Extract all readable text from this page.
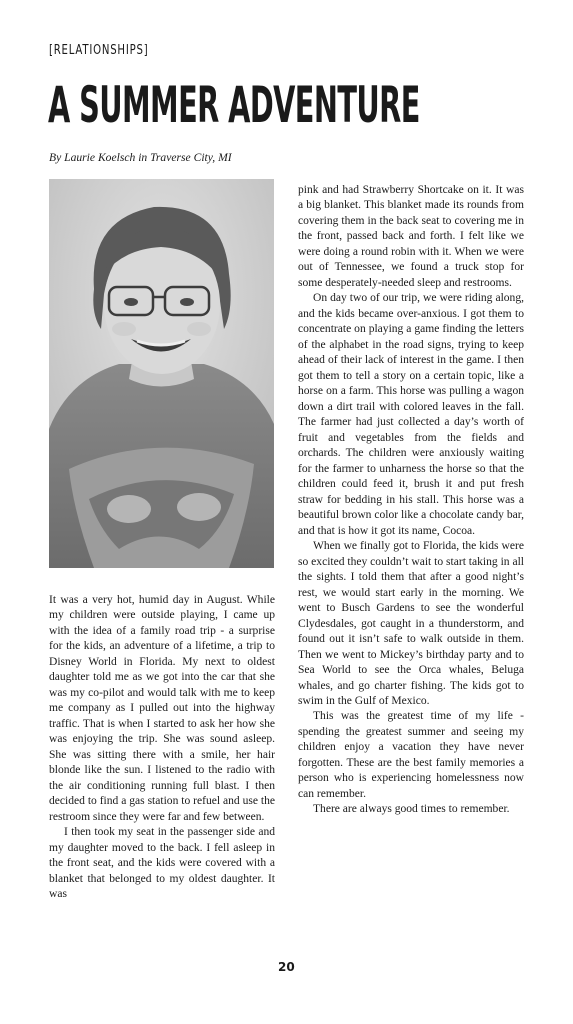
[RELATIONSHIPS]
A SUMMER ADVENTURE
By Laurie Koelsch in Traverse City, MI

It was a very hot, humid day in August. While my children were outside playing, I came up with the idea of a family road trip - a surprise for the kids, an adventure of a lifetime, a trip to Disney World in Florida. My next to oldest daughter told me as we got into the car that she was my co-pilot and would talk with me to keep me company as I pulled out into the highway traffic. That is when I started to ask her how she was enjoying the trip. She was sound asleep. She was sitting there with a smile, her hair blonde like the sun. I listened to the radio with the air conditioning running full blast. I then decided to find a gas station to refuel and use the restroom since they were far and few between.

I then took my seat in the passenger side and my daughter moved to the back. I fell asleep in the front seat, and the kids were covered with a blanket that belonged to my oldest daughter. It was

pink and had Strawberry Shortcake on it. It was a big blanket. This blanket made its rounds from covering them in the back seat to covering me in the front, passed back and forth. I felt like we were doing a round robin with it. When we were out of Tennessee, we found a truck stop for some desperately-needed sleep and restrooms.

On day two of our trip, we were riding along, and the kids became over-anxious. I got them to concentrate on playing a game finding the letters of the alphabet in the road signs, trying to keep ahead of their lack of interest in the game. I then got them to tell a story on a certain topic, like a horse on a farm. This horse was pulling a wagon down a dirt trail with colored leaves in the fall. The farmer had just collected a day’s worth of fruit and vegetables from the fields and orchards. The children were anxiously waiting for the farmer to unharness the horse so that the children could feed it, brush it and put fresh straw for bedding in his stall. This horse was a beautiful brown color like a chocolate candy bar, and that is how it got its name, Cocoa.

When we finally got to Florida, the kids were so excited they couldn’t wait to start taking in all the sights. I told them that after a good night’s rest, we would start early in the morning. We went to Busch Gardens to see the wonderful Clydesdales, got caught in a thunderstorm, and found out it isn’t safe to walk outside in them. Then we went to Mickey’s birthday party and to Sea World to see the Orca whales, Beluga whales, and go charter fishing. The kids got to swim in the Gulf of Mexico.

This was the greatest time of my life - spending the greatest summer and seeing my children enjoy a vacation they have never forgotten. These are the best family memories a person who is experiencing homelessness now can remember.

There are always good times to remember.

20
